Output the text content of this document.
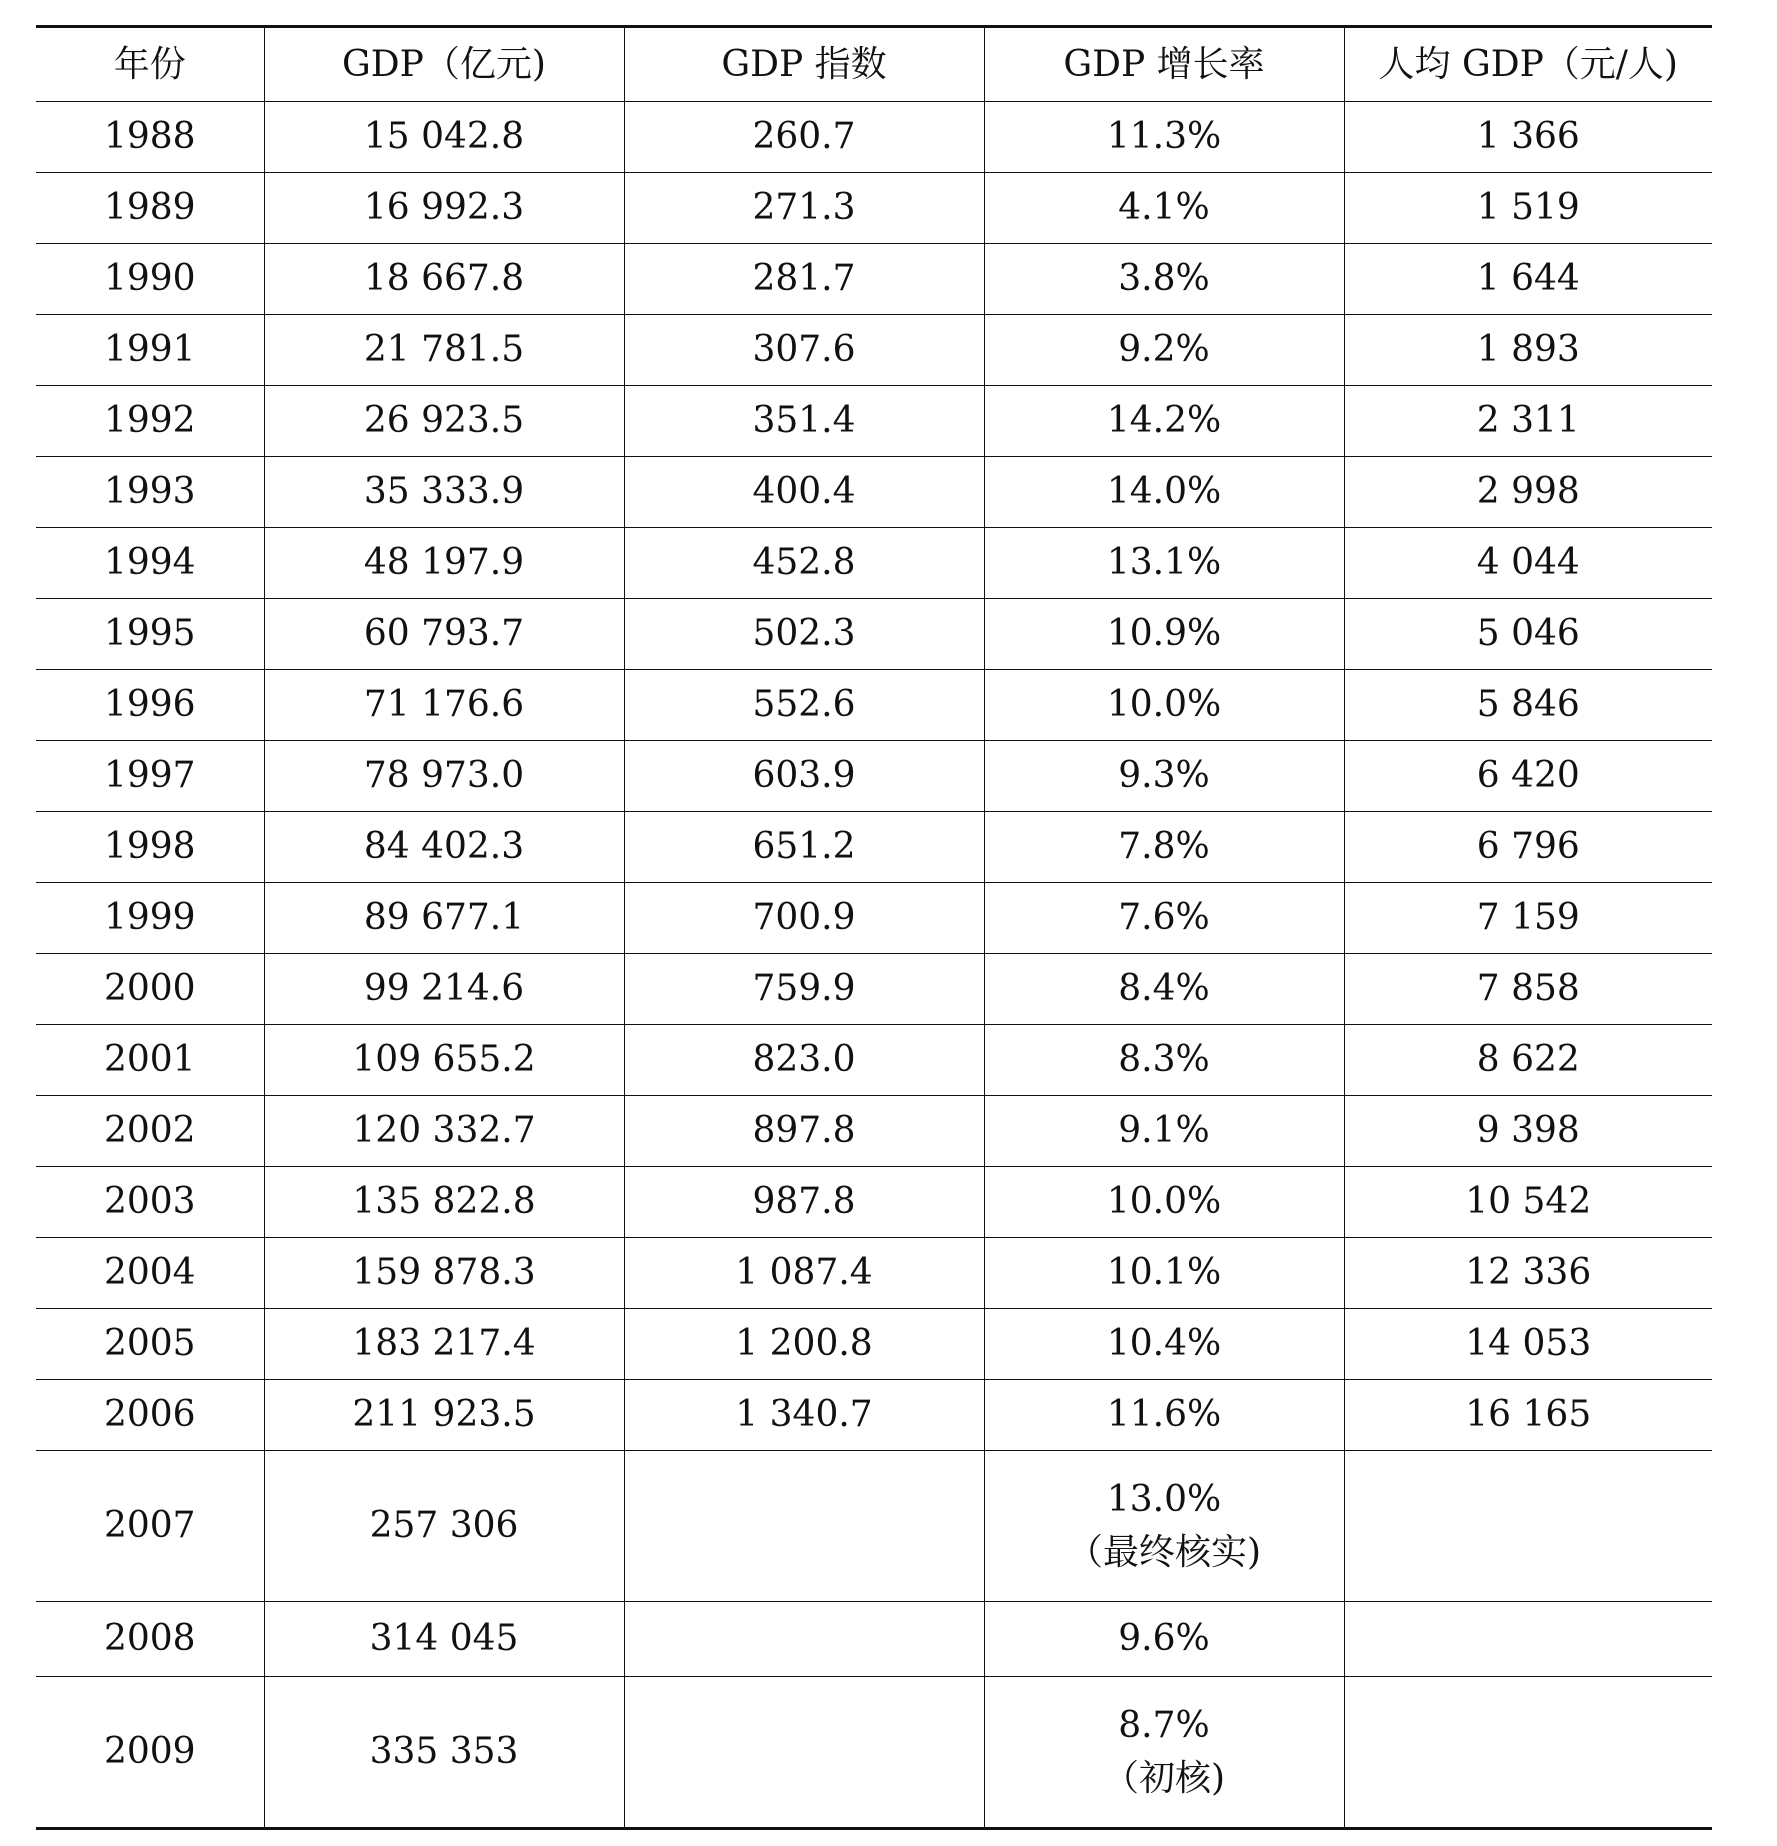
年份	GDP（亿元)	GDP 指数	GDP 增长率	人均 GDP（元/人)
1988	15 042.8	260.7	11.3%	1 366
1989	16 992.3	271.3	4.1%	1 519
1990	18 667.8	281.7	3.8%	1 644
1991	21 781.5	307.6	9.2%	1 893
1992	26 923.5	351.4	14.2%	2 311
1993	35 333.9	400.4	14.0%	2 998
1994	48 197.9	452.8	13.1%	4 044
1995	60 793.7	502.3	10.9%	5 046
1996	71 176.6	552.6	10.0%	5 846
1997	78 973.0	603.9	9.3%	6 420
1998	84 402.3	651.2	7.8%	6 796
1999	89 677.1	700.9	7.6%	7 159
2000	99 214.6	759.9	8.4%	7 858
2001	109 655.2	823.0	8.3%	8 622
2002	120 332.7	897.8	9.1%	9 398
2003	135 822.8	987.8	10.0%	10 542
2004	159 878.3	1 087.4	10.1%	12 336
2005	183 217.4	1 200.8	10.4%	14 053
2006	211 923.5	1 340.7	11.6%	16 165
2007	257 306		13.0%
（最终核实)	

2008	314 045		9.6%	
2009	335 353		8.7%
（初核)	
